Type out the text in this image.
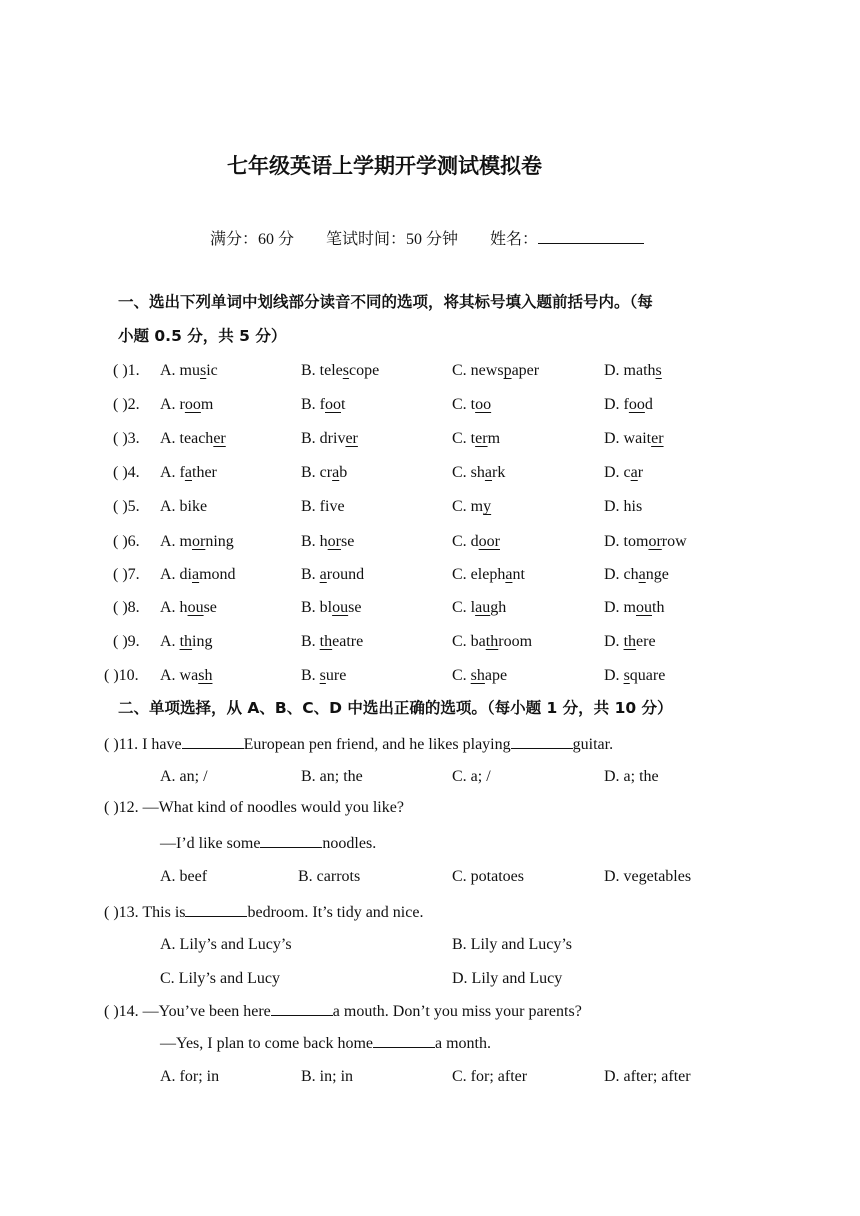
七年级英语上学期开学测试模拟卷
满分：60 分 笔试时间：50 分钟 姓名：
一、选出下列单词中划线部分读音不同的选项，将其标号填入题前括号内。（每
小题 0.5 分，共 5 分）
( )1. A. music	B. telescope	C. newspaper	D. maths
( )2. A. room	B. foot	C. too	D. food
( )3. A. teacher	B. driver	C. term	D. waiter
( )4. A. father	B. crab	C. shark	D. car
( )5. A. bike	B. five	C. my	D. his
( )6. A. morning	B. horse	C. door	D. tomorrow
( )7. A. diamond	B. around	C. elephant	D. change
( )8. A. house	B. blouse	C. laugh	D. mouth
( )9. A. thing	B. theatre	C. bathroom	D. there
( )10. A. wash	B. sure	C. shape	D. square
二、单项选择，从 A、B、C、D 中选出正确的选项。（每小题 1 分，共 10 分）
( )11. I have	European pen friend, and he likes playing	guitar.
A. an; /	B. an; the	C. a; /	D. a; the
( )12. —What kind of noodles would you like?
—I’d like some	noodles.
A. beef	B. carrots	C. potatoes	D. vegetables
( )13. This is	bedroom. It’s tidy and nice.
A. Lily’s and Lucy’s	B. Lily and Lucy’s
C. Lily’s and Lucy	D. Lily and Lucy
( )14. —You’ve been here	a mouth. Don’t you miss your parents?
—Yes, I plan to come back home	a month.
A. for; in	B. in; in	C. for; after	D. after; after
